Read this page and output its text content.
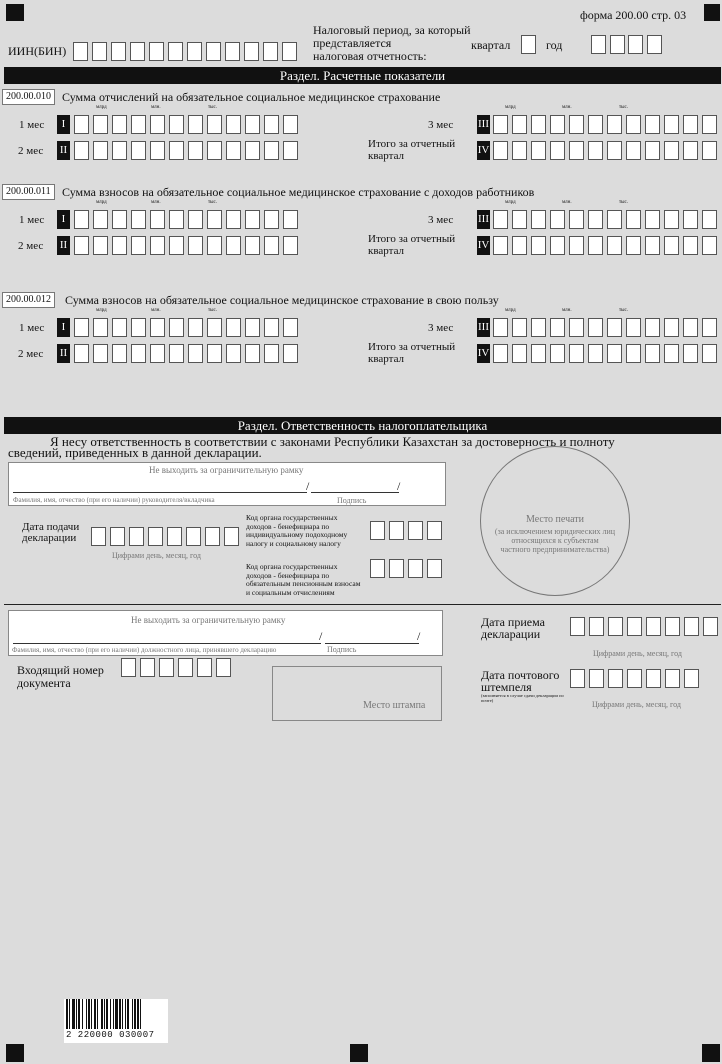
форма 200.00 стр. 03
ИИН(БИН)
Налоговый период, за который
представляется
налоговая отчетность:
квартал	год
Раздел. Расчетные показатели
200.00.010 Сумма отчислений на обязательное социальное медицинское страхование
млрд	млн.	тыс.	млрд	млн.	тыс.
1 мес	I
2 мес II
3 мес III
Итого за отчетный
квартал	IV
200.00.011 Сумма взносов на обязательное социальное медицинское страхование с доходов работников
млрд	млн.	тыс.	млрд	млн.	тыс.
1 мес	I
2 мес II
3 мес III
Итого за отчетный
квартал	IV
200.00.012	Сумма взносов на обязательное социальное медицинское страхование в свою пользу
млрд	млн.	тыс.	млрд	млн.	тыс.
1 мес	I
2 мес II
3 мес III
Итого за отчетный
квартал	IV
Раздел. Ответственность налогоплательщика
Я несу ответственность в соответствии с законами Республики Казахстан за достоверность и полноту
сведений, приведенных в данной декларации.
Не выходить за ограничительную рамку
/	/
Фамилия, имя, отчество (при его наличии) руководителя/вкладчика	Подпись
Дата подачи
декларации
Цифрами день, месяц, год
Код органа государственных доходов - бенефициара по индивидуальному подоходному налогу и социальному налогу
Код органа государственных доходов - бенефициара по обязательным пенсионным взносам и социальным отчислениям
Место печати
(за исключением юридических лиц
относящихся к субъектам
частного предпринимательства)
Не выходить за ограничительную рамку
/	/
Фамилия, имя, отчество (при его наличии) должностного лица, принявшего декларацию	Подпись
Дата приема
декларации
Цифрами день, месяц, год
Входящий номер
документа
Место штампа
Дата почтового
штемпеля
(заполняется в случае сдачи декларации по почте)	Цифрами день, месяц, год
2 220000 030007
